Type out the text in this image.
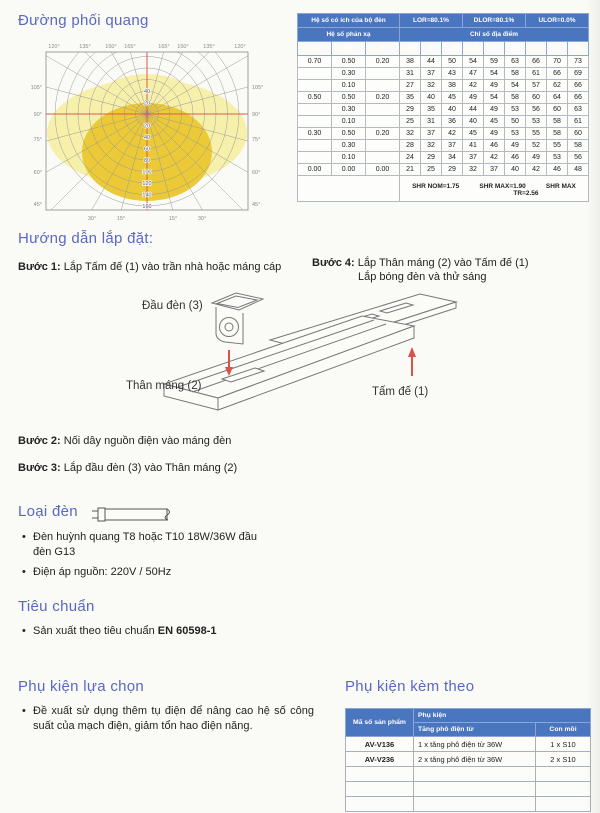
Đường phối quang
120°	135°	150° 165°	165° 150°	135°	120°
105°	105°
90°	90°
75°	75°
60°	60°
45°	45°
30°	15°	15°	30°
20
40
60
80
100
120
140
160
20
40
Hệ số có ích của bộ đèn			LOR=80.1%			DLOR=80.1%			ULOR=0.0%		
Hệ số phản xạ			Chỉ số địa điểm								
C	W	F	0.75	1	1.25	1.5	2	2.5	3	4	5
0.70	0.50	0.20	38	44	50	54	59	63	66	70	73
	0.30		31	37	43	47	54	58	61	66	69
	0.10		27	32	38	42	49	54	57	62	66
0.50	0.50	0.20	35	40	45	49	54	58	60	64	66
	0.30		29	35	40	44	49	53	56	60	63
	0.10		25	31	36	40	45	50	53	58	61
0.30	0.50	0.20	32	37	42	45	49	53	55	58	60
	0.30		28	32	37	41	46	49	52	55	58
	0.10		24	29	34	37	42	46	49	53	56
0.00	0.00	0.00	21	25	29	32	37	40	42	46	48

			SHR NOM=1.75 SHR MAX=1.90 SHR MAX
TR=2.56								
Hướng dẫn lắp đặt:
Bước 1: Lắp Tấm đế (1) vào trần nhà hoặc máng cáp	Bước 4: Lắp Thân máng (2) vào Tấm đế (1)
Lắp bóng đèn và thử sáng
Đầu đèn (3)
Thân máng (2)	Tấm đế (1)
Bước 2: Nối dây nguồn điện vào máng đèn
Bước 3: Lắp đầu đèn (3) vào Thân máng (2)
Loại đèn
• Đèn huỳnh quang T8 hoặc T10 18W/36W đầu đèn G13
• Điện áp nguồn: 220V / 50Hz
Tiêu chuẩn
• Sản xuất theo tiêu chuẩn EN 60598-1
Phụ kiện lựa chọn
• Đề xuất sử dụng thêm tụ điện để nâng cao hệ số công suất của mạch điện, giảm tổn hao điện năng.
Phụ kiện kèm theo
Mã số sản phẩm	Phụ kiện	
	Tăng phô điện từ	Con mồi
AV-V136	1 x tăng phô điện từ 36W	1 x S10
AV-V236	2 x tăng phô điện từ 36W	2 x S10
